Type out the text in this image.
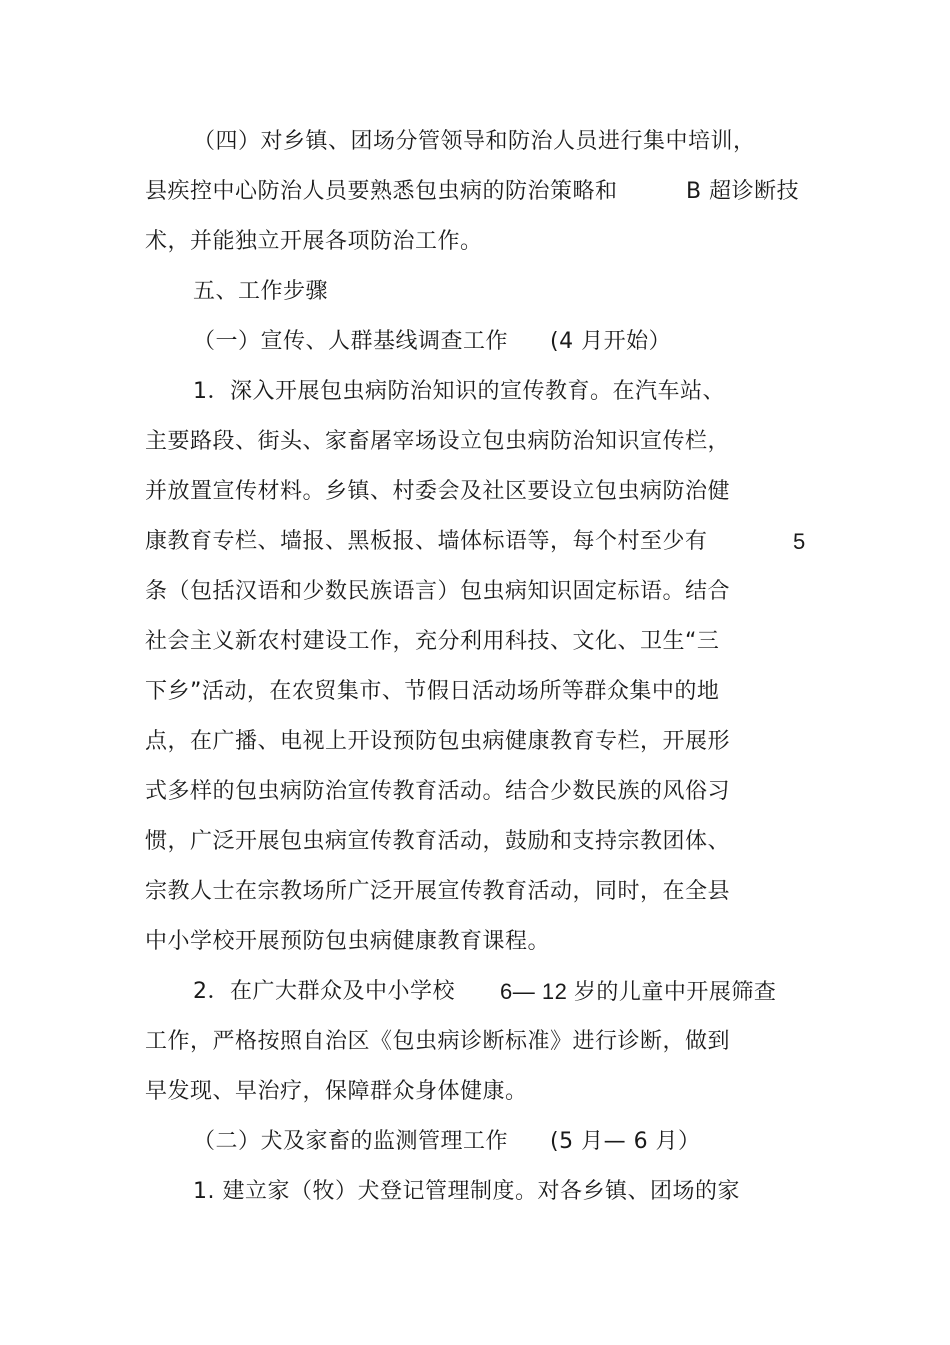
（四）对乡镇、团场分管领导和防治人员进行集中培训，
县疾控中心防治人员要熟悉包虫病的防治策略和	B 超诊断技
术，并能独立开展各项防治工作。
五、工作步骤
（一）宣传、人群基线调查工作 (4 月开始）
1．深入开展包虫病防治知识的宣传教育。在汽车站、
主要路段、街头、家畜屠宰场设立包虫病防治知识宣传栏，
并放置宣传材料。乡镇、村委会及社区要设立包虫病防治健
康教育专栏、墙报、黑板报、墙体标语等，每个村至少有	5
条（包括汉语和少数民族语言）包虫病知识固定标语。结合
社会主义新农村建设工作，充分利用科技、文化、卫生“三
下乡”活动，在农贸集市、节假日活动场所等群众集中的地
点，在广播、电视上开设预防包虫病健康教育专栏，开展形
式多样的包虫病防治宣传教育活动。结合少数民族的风俗习
惯，广泛开展包虫病宣传教育活动，鼓励和支持宗教团体、
宗教人士在宗教场所广泛开展宣传教育活动，同时，在全县
中小学校开展预防包虫病健康教育课程。
2．在广大群众及中小学校 6— 12 岁的儿童中开展筛查
工作，严格按照自治区《包虫病诊断标准》进行诊断，做到
早发现、早治疗，保障群众身体健康。
（二）犬及家畜的监测管理工作 (5 月— 6 月）
1. 建立家（牧）犬登记管理制度。对各乡镇、团场的家
